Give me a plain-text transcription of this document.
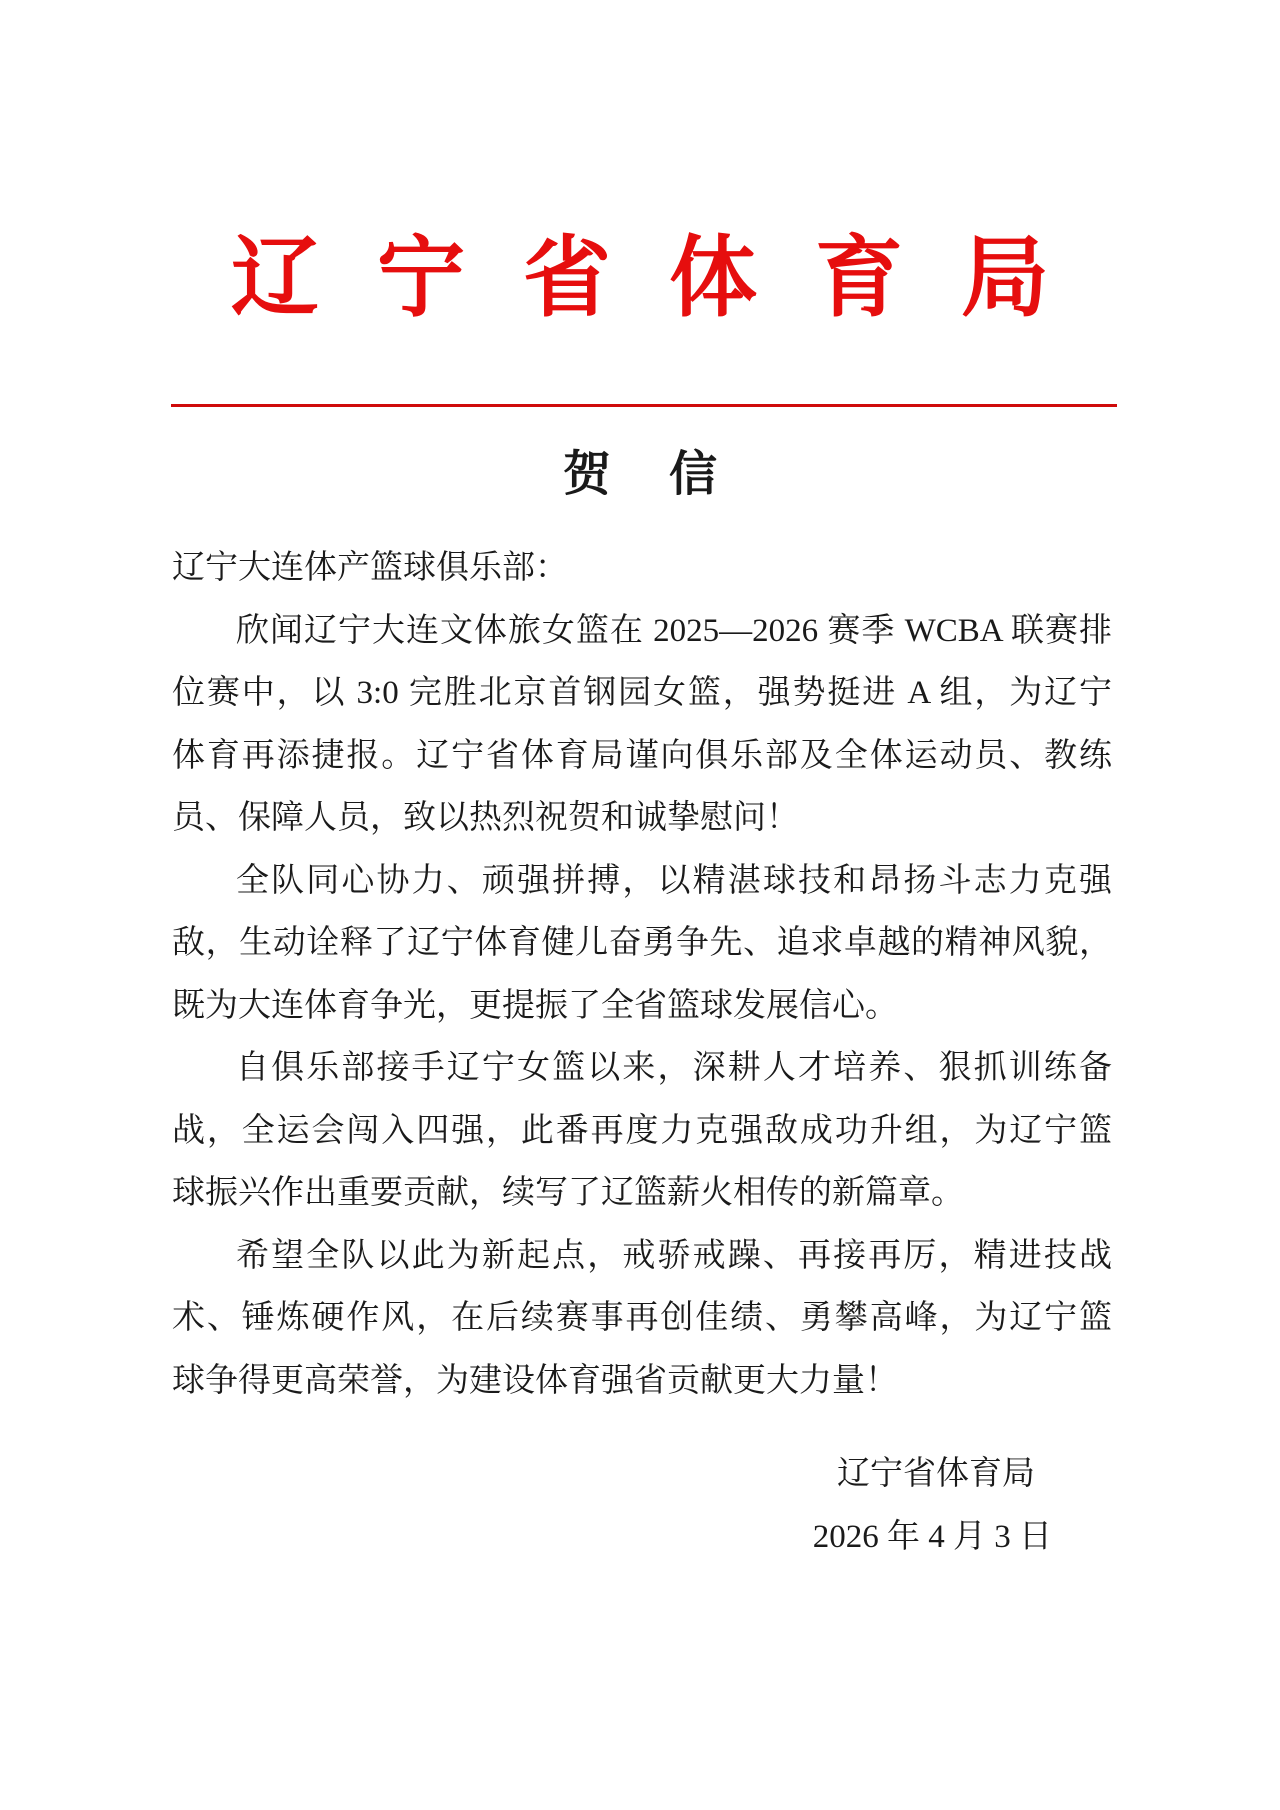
辽宁省体育局
贺信
辽宁大连体产篮球俱乐部：
欣闻辽宁大连文体旅女篮在 2025—2026 赛季 WCBA 联赛排
位赛中，以 3:0 完胜北京首钢园女篮，强势挺进 A 组，为辽宁
体育再添捷报。辽宁省体育局谨向俱乐部及全体运动员、教练
员、保障人员，致以热烈祝贺和诚挚慰问！
全队同心协力、顽强拼搏，以精湛球技和昂扬斗志力克强
敌，生动诠释了辽宁体育健儿奋勇争先、追求卓越的精神风貌，
既为大连体育争光，更提振了全省篮球发展信心。
自俱乐部接手辽宁女篮以来，深耕人才培养、狠抓训练备
战，全运会闯入四强，此番再度力克强敌成功升组，为辽宁篮
球振兴作出重要贡献，续写了辽篮薪火相传的新篇章。
希望全队以此为新起点，戒骄戒躁、再接再厉，精进技战
术、锤炼硬作风，在后续赛事再创佳绩、勇攀高峰，为辽宁篮
球争得更高荣誉，为建设体育强省贡献更大力量！
辽宁省体育局
2026 年 4 月 3 日
